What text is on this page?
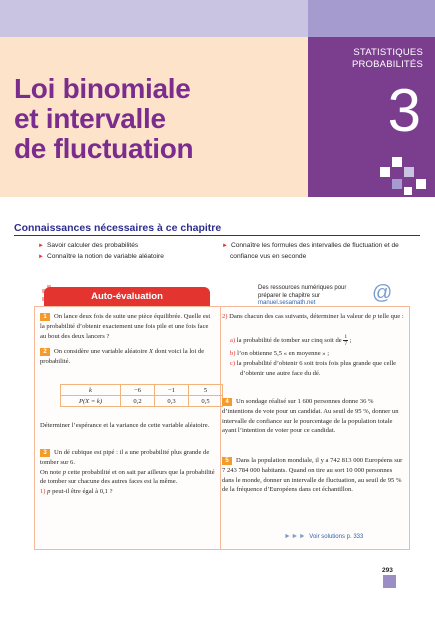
STATISTIQUES
PROBABILITÉS
3
Loi binomiale
et intervalle
de fluctuation
Connaissances nécessaires à ce chapitre
► Savoir calculer des probabilités
► Connaître la notion de variable aléatoire
► Connaître les formules des intervalles de fluctuation et de
confiance vus en seconde
Des ressources numériques pour préparer le chapitre sur manuel.sesamath.net	@
Auto-évaluation
1 On lance deux fois de suite une pièce équilibrée. Quelle est la probabilité d’obtenir exactement une fois pile et une fois face au bout des deux lancers ?
2 On considère une variable aléatoire X dont voici la loi de probabilité.
k	−6	−1	5
P(X = k)	0,2	0,3	0,5
Déterminer l’espérance et la variance de cette variable aléatoire.
3 Un dé cubique est pipé : il a une probabilité plus grande de tomber sur 6.
On note p cette probabilité et on sait par ailleurs que la probabilité de tomber sur chacune des autres faces est la même.
1) p peut-il être égal à 0,1 ?
2) Dans chacun des cas suivants, déterminer la valeur de p telle que :
a) la probabilité de tomber sur cinq soit de $\frac{1}{7}$ ;
b) l’on obtienne 5,5 « en moyenne » ;
c) la probabilité d’obtenir 6 soit trois fois plus grande que celle d’obtenir une autre face du dé.
4 Un sondage réalisé sur 1 600 personnes donne 36 % d’intentions de vote pour un candidat. Au seuil de 95 %, donner un intervalle de confiance sur le pourcentage de la population totale ayant l’intention de voter pour ce candidat.
5 Dans la population mondiale, il y a 742 813 000 Européens sur 7 243 784 000 habitants. Quand on tire au sort 10 000 personnes dans le monde, donner un intervalle de fluctuation, au seuil de 95 % de la fréquence d’Européens dans cet échantillon.
►►► Voir solutions p. 333
293
